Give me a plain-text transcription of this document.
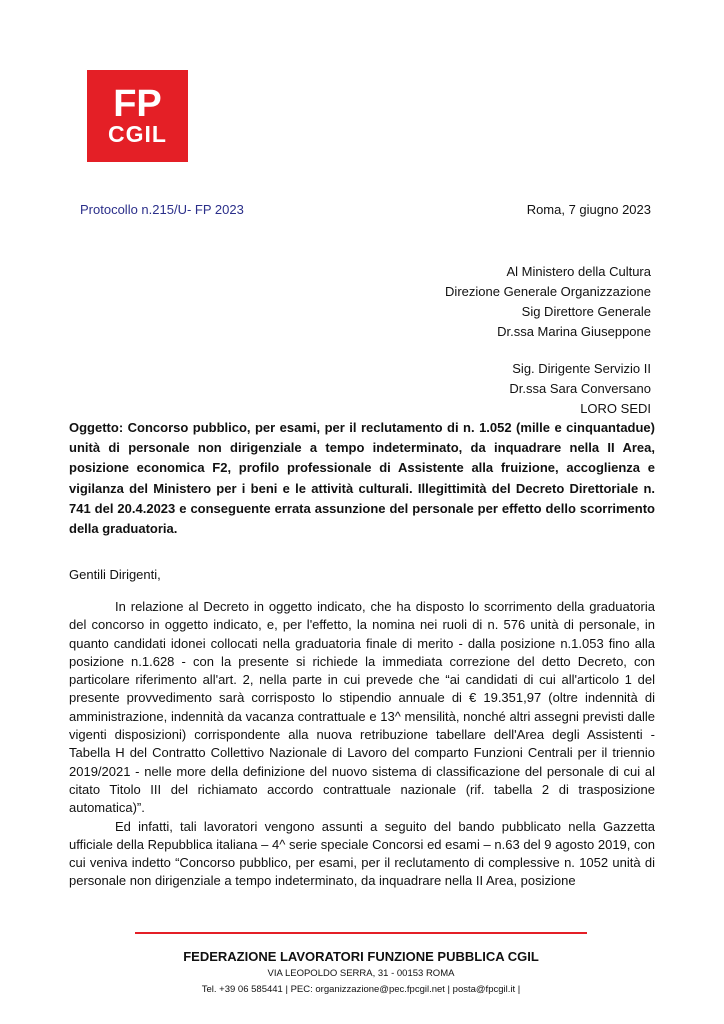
FP
CGIL
Protocollo n.215/U- FP 2023	Roma, 7 giugno 2023
Al Ministero della Cultura
Direzione Generale Organizzazione
Sig Direttore Generale
Dr.ssa Marina Giuseppone
Sig. Dirigente Servizio II
Dr.ssa Sara Conversano
LORO SEDI
Oggetto: Concorso pubblico, per esami, per il reclutamento di n. 1.052 (mille e cinquantadue) unità di personale non dirigenziale a tempo indeterminato, da inquadrare nella II Area, posizione economica F2, profilo professionale di Assistente alla fruizione, accoglienza e vigilanza del Ministero per i beni e le attività culturali. Illegittimità del Decreto Direttoriale n. 741 del 20.4.2023 e conseguente errata assunzione del personale per effetto dello scorrimento della graduatoria.
Gentili Dirigenti,

In relazione al Decreto in oggetto indicato, che ha disposto lo scorrimento della graduatoria del concorso in oggetto indicato, e, per l'effetto, la nomina nei ruoli di n. 576 unità di personale, in quanto candidati idonei collocati nella graduatoria finale di merito - dalla posizione n.1.053 fino alla posizione n.1.628 - con la presente si richiede la immediata correzione del detto Decreto, con particolare riferimento all'art. 2, nella parte in cui prevede che “ai candidati di cui all'articolo 1 del presente provvedimento sarà corrisposto lo stipendio annuale di € 19.351,97 (oltre indennità di amministrazione, indennità da vacanza contrattuale e 13^ mensilità, nonché altri assegni previsti dalle vigenti disposizioni) corrispondente alla nuova retribuzione tabellare dell'Area degli Assistenti - Tabella H del Contratto Collettivo Nazionale di Lavoro del comparto Funzioni Centrali per il triennio 2019/2021 - nelle more della definizione del nuovo sistema di classificazione del personale di cui al citato Titolo III del richiamato accordo contrattuale nazionale (rif. tabella 2 di trasposizione automatica)”.

Ed infatti, tali lavoratori vengono assunti a seguito del bando pubblicato nella Gazzetta ufficiale della Repubblica italiana – 4^ serie speciale Concorsi ed esami – n.63 del 9 agosto 2019, con cui veniva indetto “Concorso pubblico, per esami, per il reclutamento di complessive n. 1052 unità di personale non dirigenziale a tempo indeterminato, da inquadrare nella II Area, posizione

FEDERAZIONE LAVORATORI FUNZIONE PUBBLICA CGIL
VIA LEOPOLDO SERRA, 31 - 00153 ROMA
Tel. +39 06 585441 | PEC: organizzazione@pec.fpcgil.net | posta@fpcgil.it |
